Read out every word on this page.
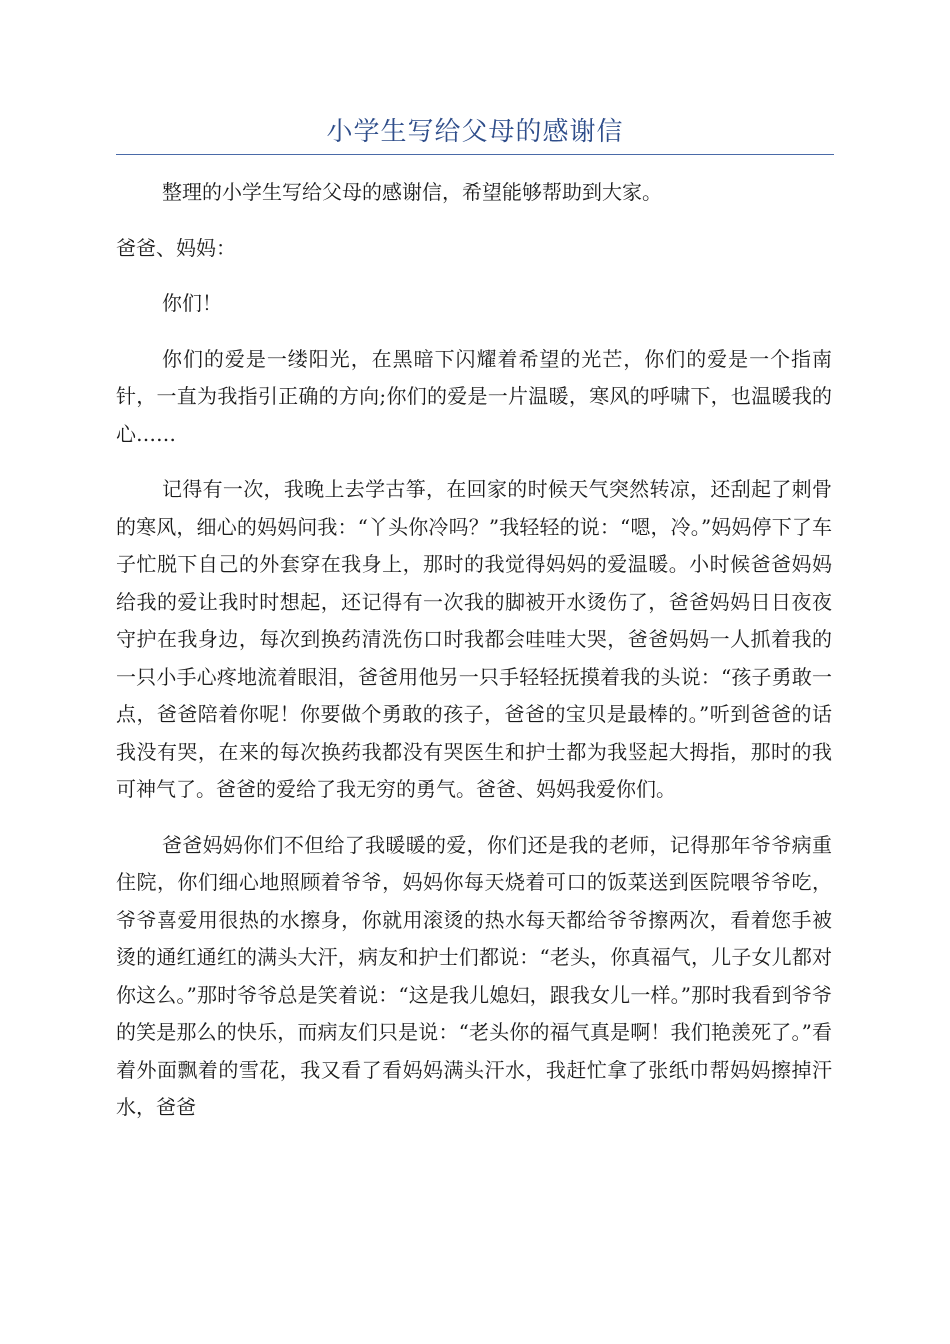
小学生写给父母的感谢信

整理的小学生写给父母的感谢信，希望能够帮助到大家。

爸爸、妈妈：

你们！

你们的爱是一缕阳光，在黑暗下闪耀着希望的光芒，你们的爱是一个指南针，一直为我指引正确的方向;你们的爱是一片温暖，寒风的呼啸下，也温暖我的心……

记得有一次，我晚上去学古筝，在回家的时候天气突然转凉，还刮起了刺骨的寒风，细心的妈妈问我：“丫头你冷吗？”我轻轻的说：“嗯，冷。”妈妈停下了车子忙脱下自己的外套穿在我身上，那时的我觉得妈妈的爱温暖。小时候爸爸妈妈给我的爱让我时时想起，还记得有一次我的脚被开水烫伤了，爸爸妈妈日日夜夜守护在我身边，每次到换药清洗伤口时我都会哇哇大哭，爸爸妈妈一人抓着我的一只小手心疼地流着眼泪，爸爸用他另一只手轻轻抚摸着我的头说：“孩子勇敢一点，爸爸陪着你呢！你要做个勇敢的孩子，爸爸的宝贝是最棒的。”听到爸爸的话我没有哭，在来的每次换药我都没有哭医生和护士都为我竖起大拇指，那时的我可神气了。爸爸的爱给了我无穷的勇气。爸爸、妈妈我爱你们。

爸爸妈妈你们不但给了我暖暖的爱，你们还是我的老师，记得那年爷爷病重住院，你们细心地照顾着爷爷，妈妈你每天烧着可口的饭菜送到医院喂爷爷吃，爷爷喜爱用很热的水擦身，你就用滚烫的热水每天都给爷爷擦两次，看着您手被烫的通红通红的满头大汗，病友和护士们都说：“老头，你真福气，儿子女儿都对你这么。”那时爷爷总是笑着说：“这是我儿媳妇，跟我女儿一样。”那时我看到爷爷的笑是那么的快乐，而病友们只是说：“老头你的福气真是啊！我们艳羡死了。”看着外面飘着的雪花，我又看了看妈妈满头汗水，我赶忙拿了张纸巾帮妈妈擦掉汗水，爸爸
